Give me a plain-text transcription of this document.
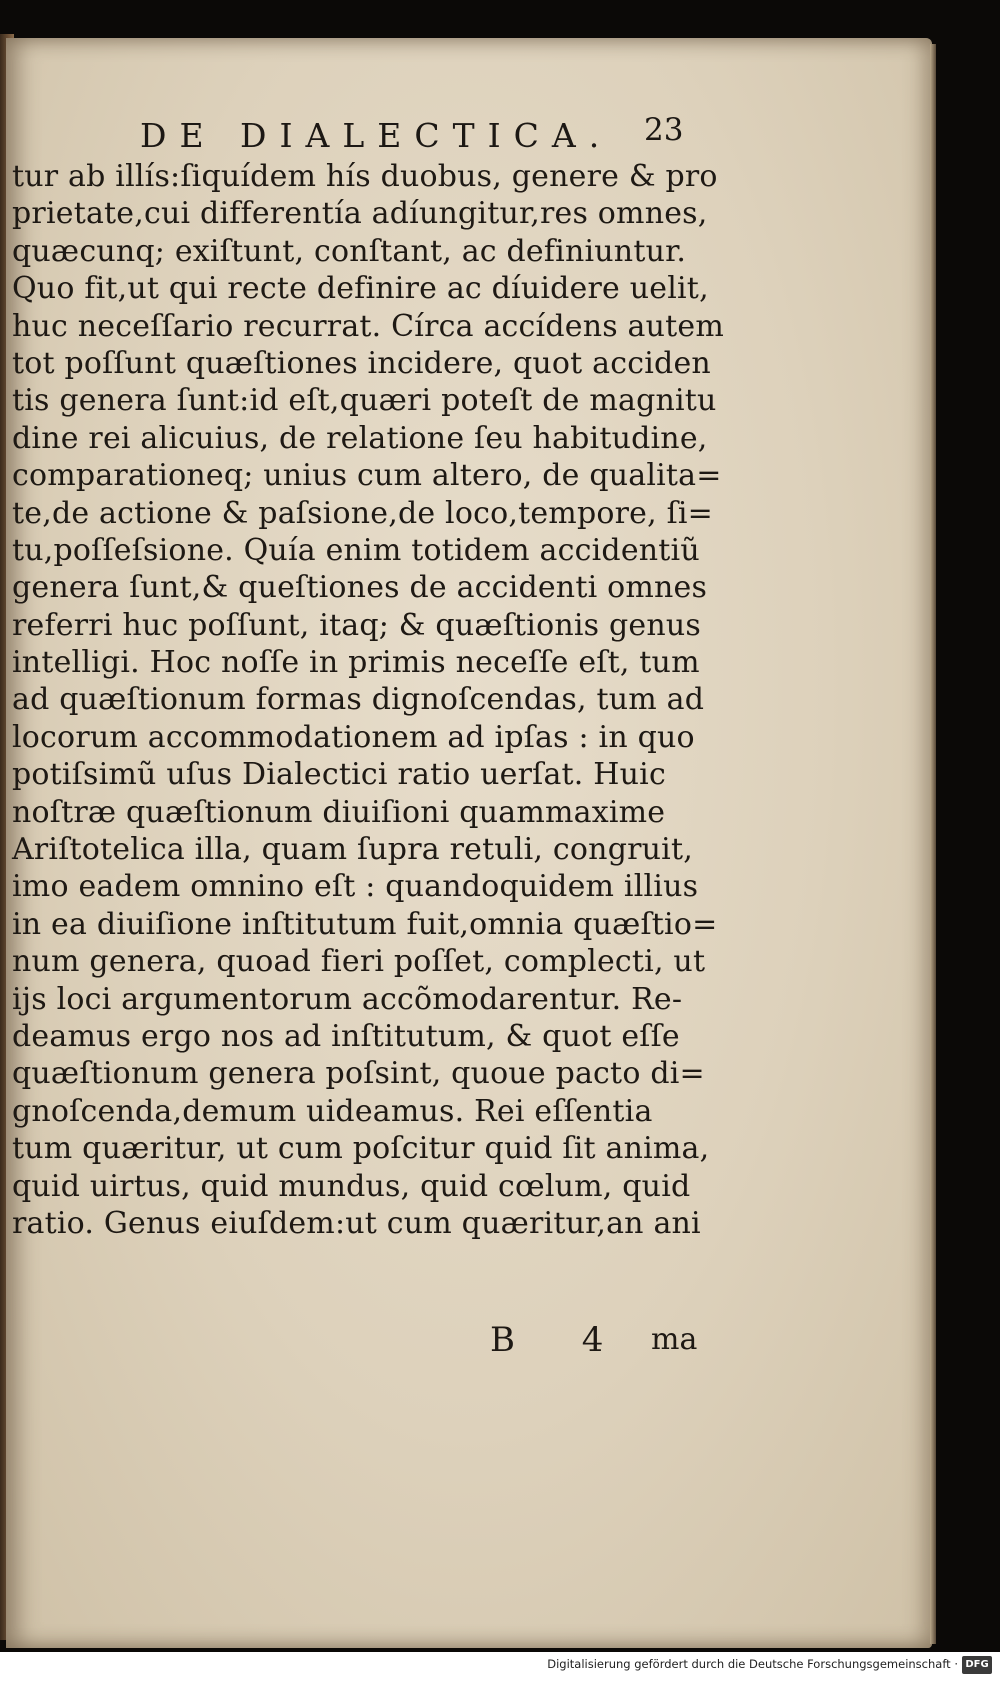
DE DIALECTICA.	23
tur ab illís:ſiquídem hís duobus, genere & pro
prietate,cui differentía adíungitur,res omnes,
quæcunq; exiſtunt, conſtant, ac definiuntur.
Quo fit,ut qui recte definire ac díuidere uelit,
huc neceſſario recurrat. Círca accídens autem
tot poſſunt quæſtiones incidere, quot acciden
tis genera ſunt:id eſt,quæri poteſt de magnitu
dine rei alicuius, de relatione ſeu habitudine,
comparationeq; unius cum altero, de qualita=
te,de actione & paſsione,de loco,tempore, ſi=
tu,poſſeſsione. Quía enim totidem accidentiũ
genera ſunt,& queſtiones de accidenti omnes
referri huc poſſunt, itaq; & quæſtionis genus
intelligi. Hoc noſſe in primis neceſſe eſt, tum
ad quæſtionum formas dignoſcendas, tum ad
locorum accommodationem ad ipſas : in quo
potiſsimũ uſus Dialectici ratio uerſat. Huic
noſtræ quæſtionum diuiſioni quammaxime
Ariſtotelica illa, quam ſupra retuli, congruit,
imo eadem omnino eſt : quandoquidem illius
in ea diuiſione inſtitutum fuit,omnia quæſtio=
num genera, quoad fieri poſſet, complecti, ut
ijs loci argumentorum accõmodarentur. Re-
deamus ergo nos ad inſtitutum, & quot eſſe
quæſtionum genera poſsint, quoue pacto di=
gnoſcenda,demum uideamus. Rei eſſentia
tum quæritur, ut cum poſcitur quid ſit anima,
quid uirtus, quid mundus, quid cœlum, quid
ratio. Genus eiuſdem:ut cum quæritur,an ani
B 4 ma
Digitalisierung gefördert durch die Deutsche Forschungsgemeinschaft · DFG
